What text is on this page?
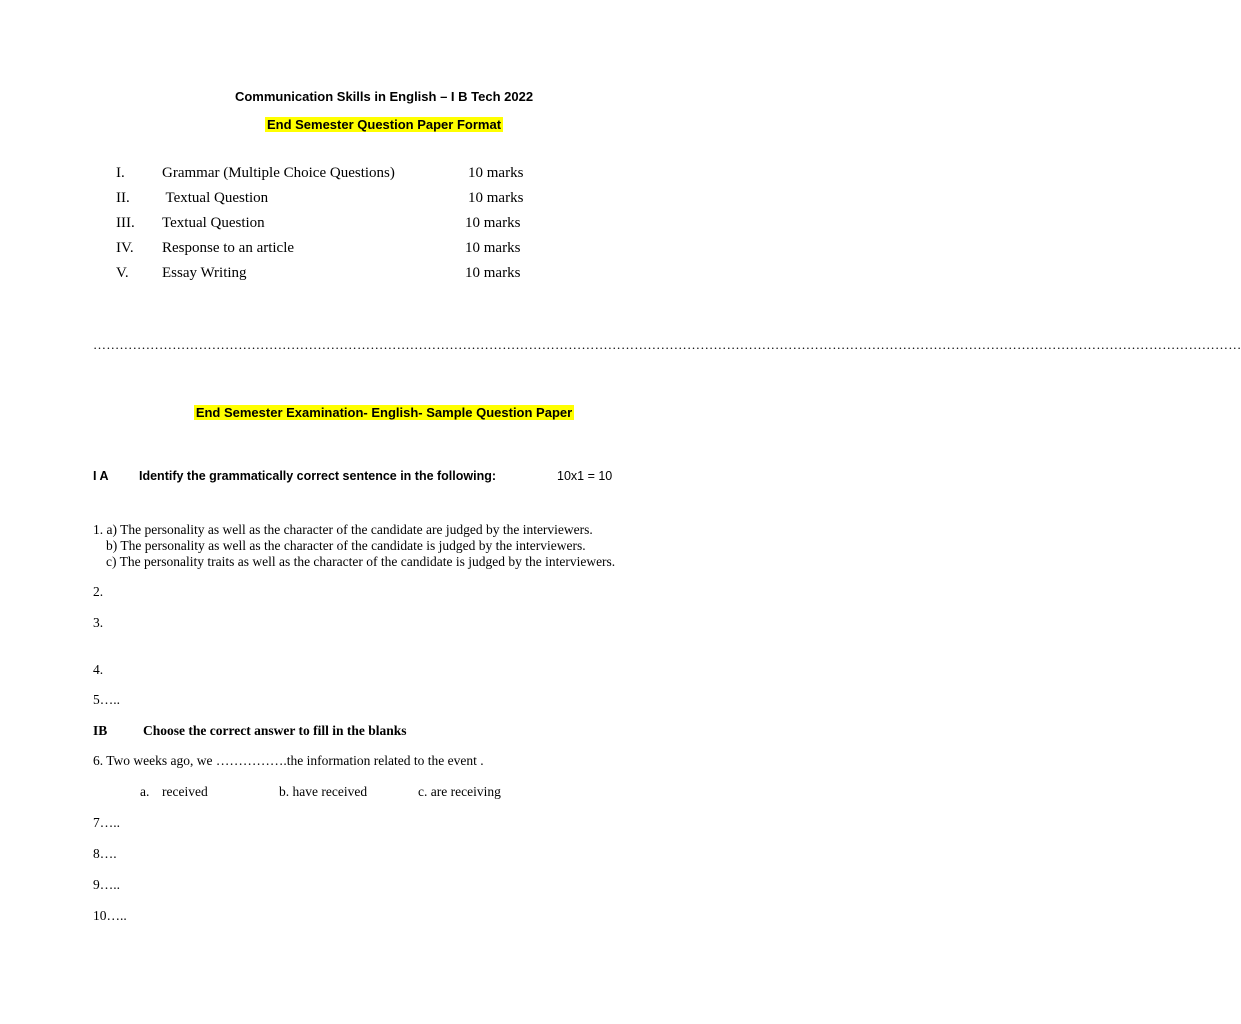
Communication Skills in English – I B Tech 2022
End Semester Question Paper Format
I. Grammar (Multiple Choice Questions)	10 marks
II. Textual Question	10 marks
III. Textual Question	10 marks
IV. Response to an article	10 marks
V. Essay Writing	10 marks
………………………………………………………………………………………………………………………………………………………………………………………………………………………………………
End Semester Examination- English- Sample Question Paper
I A Identify the grammatically correct sentence in the following:	10x1 = 10
1. a) The personality as well as the character of the candidate are judged by the interviewers.
b) The personality as well as the character of the candidate is judged by the interviewers.
c) The personality traits as well as the character of the candidate is judged by the interviewers.
2.
3.
4.
5…..
IB	Choose the correct answer to fill in the blanks
6. Two weeks ago, we …………….the information related to the event .
a. received	b. have received	c. are receiving
7…..
8….
9…..
10…..
